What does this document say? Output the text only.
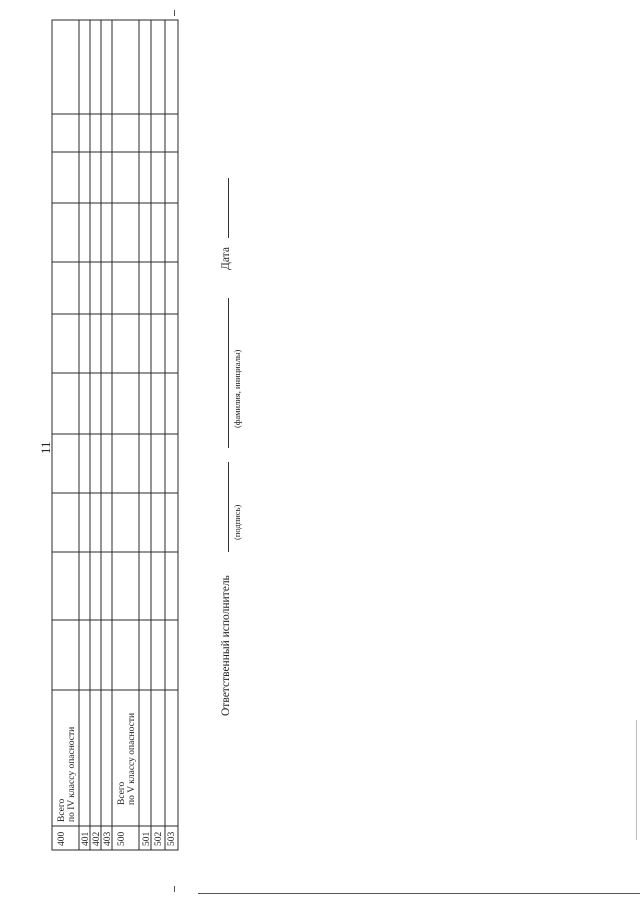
11
400 401 402 403 500 501 502 503
Всего по IV классу опасности	Всего по V классу опасности
Ответственный исполнитель
(подпись)
(фамилия, инициалы)
Дата
